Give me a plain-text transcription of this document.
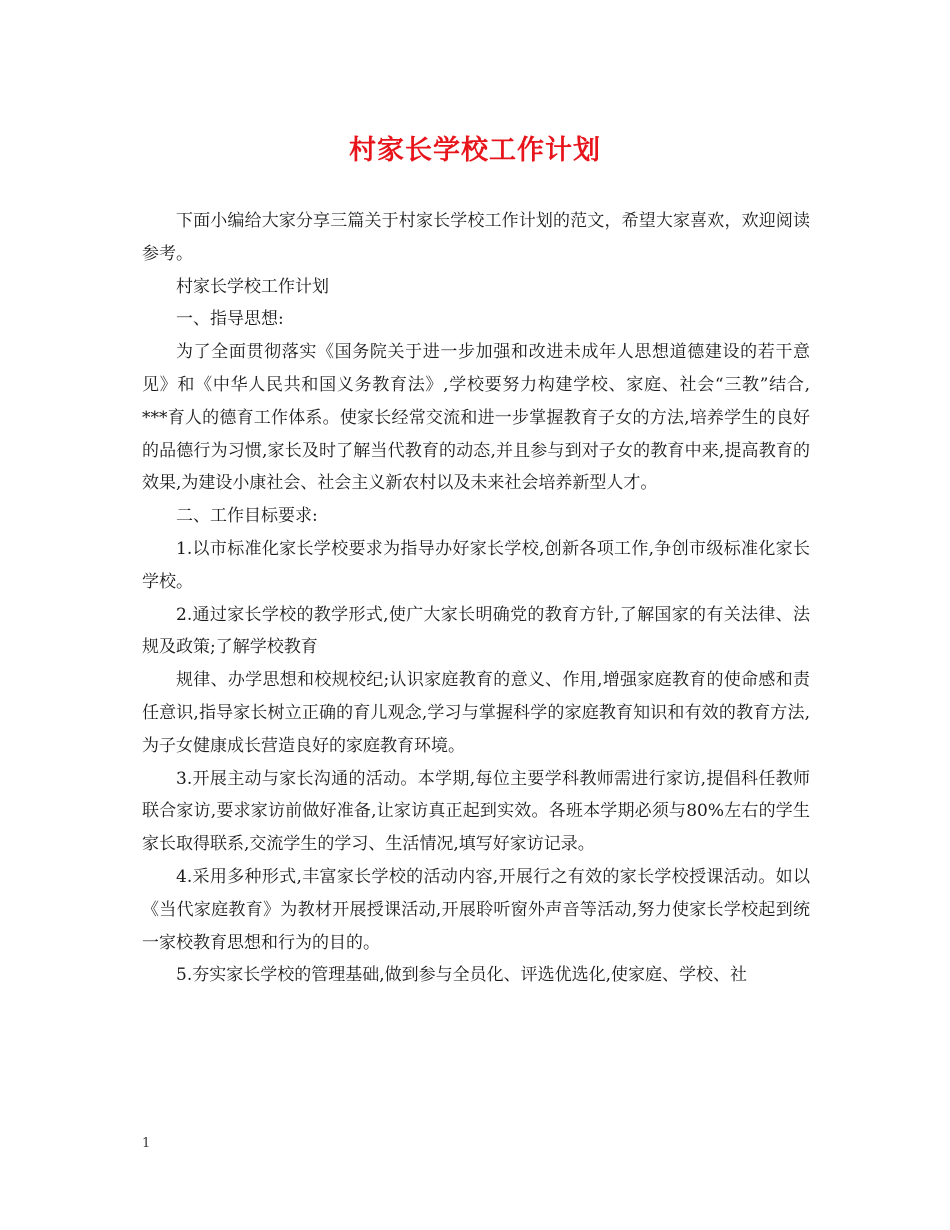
村家长学校工作计划

下面小编给大家分享三篇关于村家长学校工作计划的范文，希望大家喜欢，欢迎阅读参考。

村家长学校工作计划

一、指导思想:

为了全面贯彻落实《国务院关于进一步加强和改进未成年人思想道德建设的若干意见》和《中华人民共和国义务教育法》,学校要努力构建学校、家庭、社会“三教”结合, ***育人的德育工作体系。使家长经常交流和进一步掌握教育子女的方法,培养学生的良好的品德行为习惯,家长及时了解当代教育的动态,并且参与到对子女的教育中来,提高教育的效果,为建设小康社会、社会主义新农村以及未来社会培养新型人才。

二、工作目标要求:

1.以市标准化家长学校要求为指导办好家长学校,创新各项工作,争创市级标准化家长学校。

2.通过家长学校的教学形式,使广大家长明确党的教育方针,了解国家的有关法律、法规及政策;了解学校教育

规律、办学思想和校规校纪;认识家庭教育的意义、作用,增强家庭教育的使命感和责任意识,指导家长树立正确的育儿观念,学习与掌握科学的家庭教育知识和有效的教育方法,为子女健康成长营造良好的家庭教育环境。

3.开展主动与家长沟通的活动。本学期,每位主要学科教师需进行家访,提倡科任教师联合家访,要求家访前做好准备,让家访真正起到实效。各班本学期必须与80%左右的学生家长取得联系,交流学生的学习、生活情况,填写好家访记录。

4.采用多种形式,丰富家长学校的活动内容,开展行之有效的家长学校授课活动。如以《当代家庭教育》为教材开展授课活动,开展聆听窗外声音等活动,努力使家长学校起到统一家校教育思想和行为的目的。

5.夯实家长学校的管理基础,做到参与全员化、评选优选化,使家庭、学校、社

1
